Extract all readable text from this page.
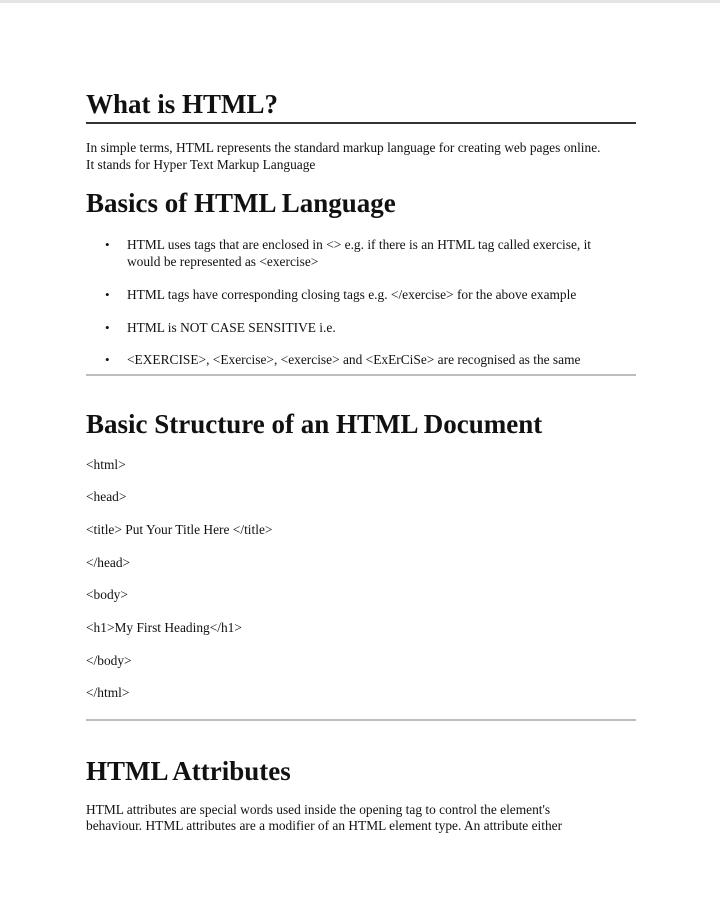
What is HTML?

In simple terms, HTML represents the standard markup language for creating web pages online.

It stands for Hyper Text Markup Language

Basics of HTML Language
• HTML uses tags that are enclosed in <> e.g. if there is an HTML tag called exercise, it
would be represented as <exercise>
• HTML tags have corresponding closing tags e.g. </exercise> for the above example
• HTML is NOT CASE SENSITIVE i.e.
• <EXERCISE>, <Exercise>, <exercise> and <ExErCiSe> are recognised as the same
Basic Structure of an HTML Document

<html>

<head>

<title> Put Your Title Here </title>

</head>

<body>

<h1>My First Heading</h1>

</body>

</html>

HTML Attributes

HTML attributes are special words used inside the opening tag to control the element's

behaviour. HTML attributes are a modifier of an HTML element type. An attribute either
